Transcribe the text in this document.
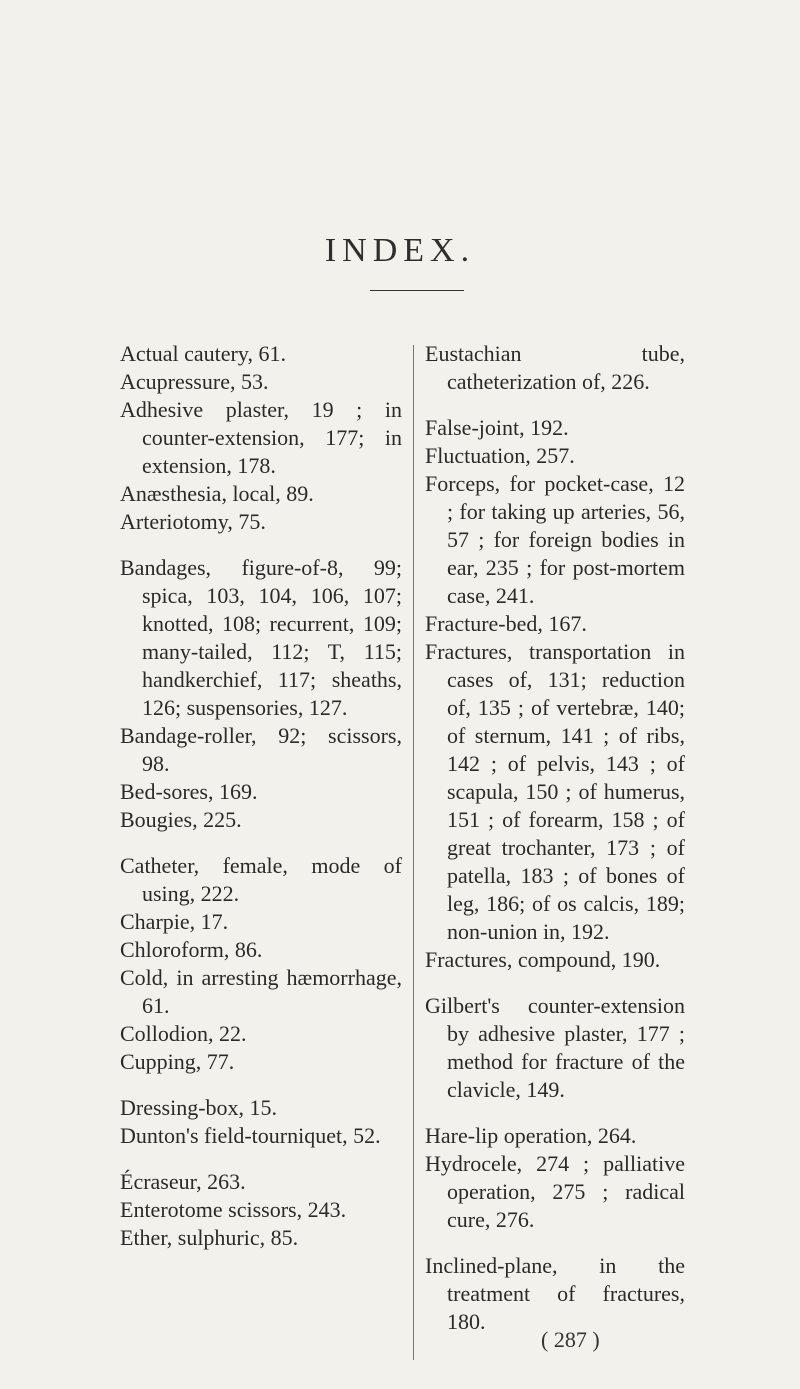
INDEX.
Actual cautery, 61.
Acupressure, 53.
Adhesive plaster, 19 ; in counter-extension, 177; in extension, 178.
Anæsthesia, local, 89.
Arteriotomy, 75.
Bandages, figure-of-8, 99; spica, 103, 104, 106, 107; knotted, 108; recurrent, 109; many-tailed, 112; T, 115; handkerchief, 117; sheaths, 126; suspensories, 127.
Bandage-roller, 92; scissors, 98.
Bed-sores, 169.
Bougies, 225.
Catheter, female, mode of using, 222.
Charpie, 17.
Chloroform, 86.
Cold, in arresting hæmorrhage, 61.
Collodion, 22.
Cupping, 77.
Dressing-box, 15.
Dunton's field-tourniquet, 52.
Écraseur, 263.
Enterotome scissors, 243.
Ether, sulphuric, 85.
Eustachian tube, catheterization of, 226.
False-joint, 192.
Fluctuation, 257.
Forceps, for pocket-case, 12 ; for taking up arteries, 56, 57 ; for foreign bodies in ear, 235 ; for post-mortem case, 241.
Fracture-bed, 167.
Fractures, transportation in cases of, 131; reduction of, 135 ; of vertebræ, 140; of sternum, 141 ; of ribs, 142 ; of pelvis, 143 ; of scapula, 150 ; of humerus, 151 ; of forearm, 158 ; of great trochanter, 173 ; of patella, 183 ; of bones of leg, 186; of os calcis, 189; non-union in, 192.
Fractures, compound, 190.
Gilbert's counter-extension by adhesive plaster, 177 ; method for fracture of the clavicle, 149.
Hare-lip operation, 264.
Hydrocele, 274 ; palliative operation, 275 ; radical cure, 276.
Inclined-plane, in the treatment of fractures, 180.
( 287 )
